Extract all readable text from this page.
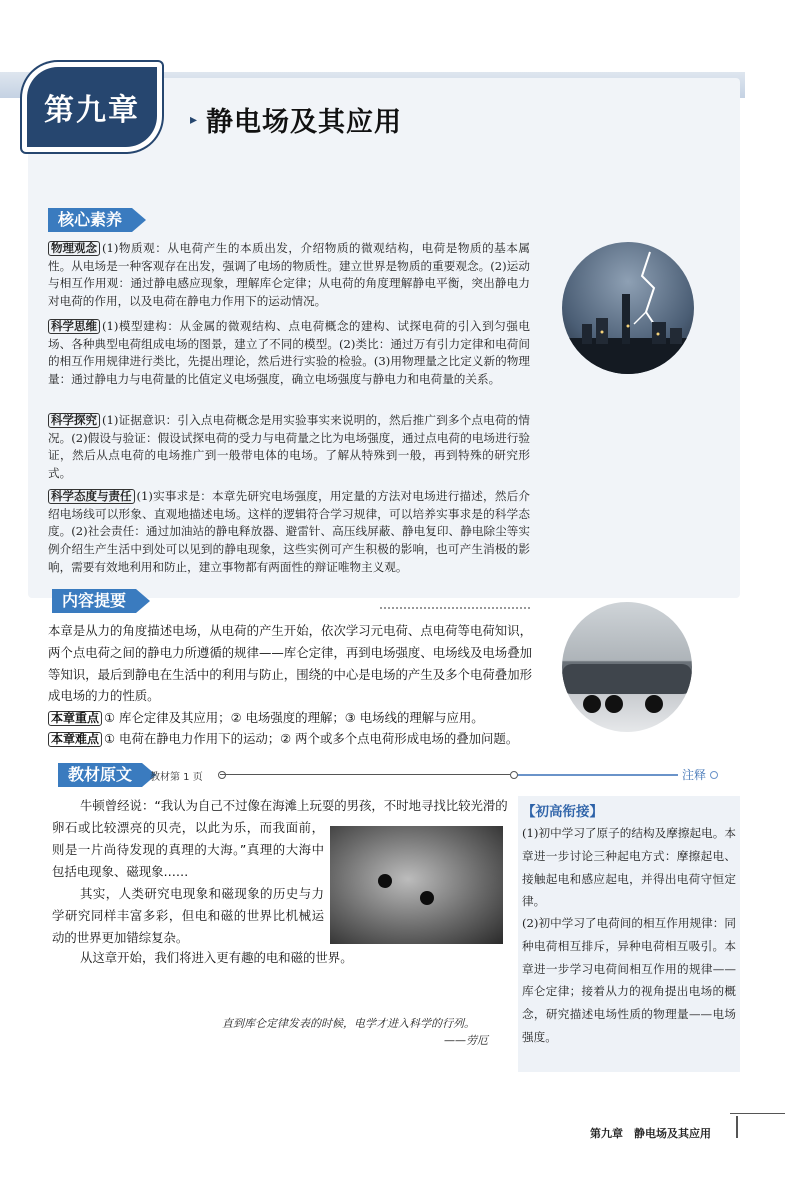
第九章	▸ 静电场及其应用
核心素养
物理观念 (1)物质观：从电荷产生的本质出发，介绍物质的微观结构，电荷是物质的基本属性。从电场是一种客观存在出发，强调了电场的物质性。建立世界是物质的重要观念。(2)运动与相互作用观：通过静电感应现象，理解库仑定律；从电荷的角度理解静电平衡，突出静电力对电荷的作用，以及电荷在静电力作用下的运动情况。
科学思维 (1)模型建构：从金属的微观结构、点电荷概念的建构、试探电荷的引入到匀强电场、各种典型电荷组成电场的图景，建立了不同的模型。(2)类比：通过万有引力定律和电荷间的相互作用规律进行类比，先提出理论，然后进行实验的检验。(3)用物理量之比定义新的物理量：通过静电力与电荷量的比值定义电场强度，确立电场强度与静电力和电荷量的关系。
科学探究 (1)证据意识：引入点电荷概念是用实验事实来说明的，然后推广到多个点电荷的情况。(2)假设与验证：假设试探电荷的受力与电荷量之比为电场强度，通过点电荷的电场进行验证，然后从点电荷的电场推广到一般带电体的电场。了解从特殊到一般，再到特殊的研究形式。
科学态度与责任 (1)实事求是：本章先研究电场强度，用定量的方法对电场进行描述，然后介绍电场线可以形象、直观地描述电场。这样的逻辑符合学习规律，可以培养实事求是的科学态度。(2)社会责任：通过加油站的静电释放器、避雷针、高压线屏蔽、静电复印、静电除尘等实例介绍生产生活中到处可以见到的静电现象，这些实例可产生积极的影响，也可产生消极的影响，需要有效地利用和防止，建立事物都有两面性的辩证唯物主义观。
内容提要
本章是从力的角度描述电场，从电荷的产生开始，依次学习元电荷、点电荷等电荷知识，两个点电荷之间的静电力所遵循的规律——库仑定律，再到电场强度、电场线及电场叠加等知识，最后到静电在生活中的利用与防止，围绕的中心是电场的产生及多个电荷叠加形成电场的力的性质。
本章重点 ① 库仑定律及其应用；② 电场强度的理解；③ 电场线的理解与应用。
本章难点 ① 电荷在静电力作用下的运动；② 两个或多个点电荷形成电场的叠加问题。
教材原文	教材第 1 页	注释
牛顿曾经说：“我认为自己不过像在海滩上玩耍的男孩，不时地寻找比较光滑的
卵石或比较漂亮的贝壳，以此为乐，而我面前，则是一片尚待发现的真理的大海。”真理的大海中包括电现象、磁现象……
其实，人类研究电现象和磁现象的历史与力学研究同样丰富多彩，但电和磁的世界比机械运动的世界更加错综复杂。
从这章开始，我们将进入更有趣的电和磁的世界。
直到库仑定律发表的时候，电学才进入科学的行列。
——劳厄
【初高衔接】
(1)初中学习了原子的结构及摩擦起电。本章进一步讨论三种起电方式：摩擦起电、接触起电和感应起电，并得出电荷守恒定律。
(2)初中学习了电荷间的相互作用规律：同种电荷相互排斥，异种电荷相互吸引。本章进一步学习电荷间相互作用的规律——库仑定律；接着从力的视角提出电场的概念，研究描述电场性质的物理量——电场强度。
第九章　静电场及其应用
